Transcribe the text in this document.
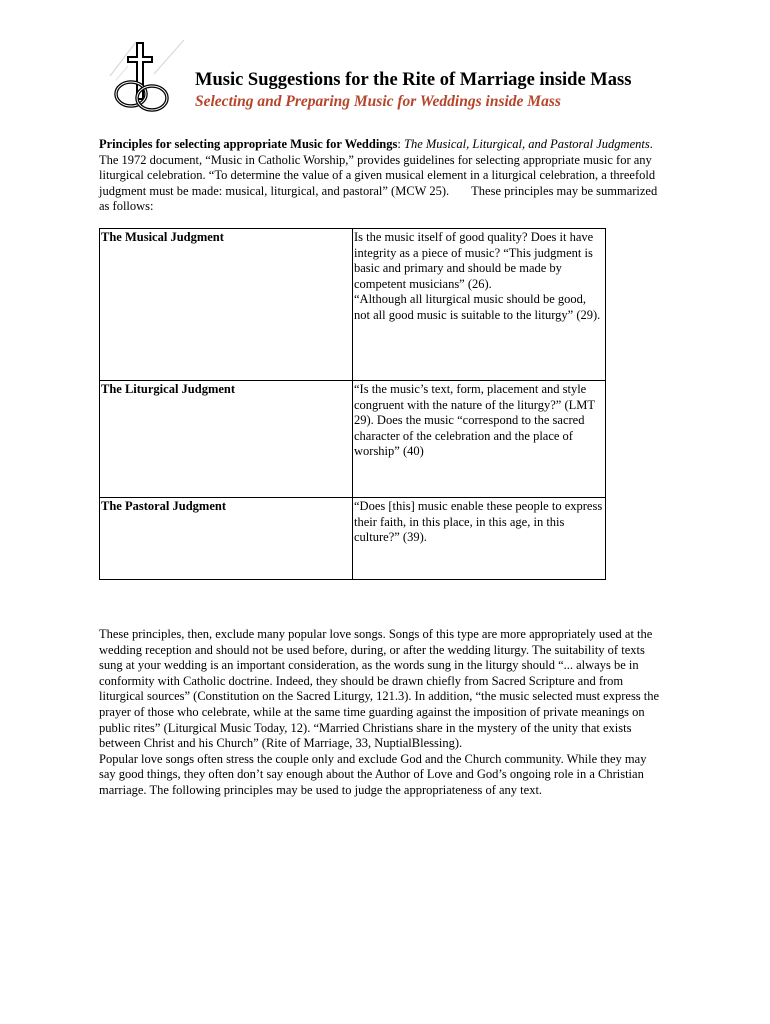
Music Suggestions for the Rite of Marriage inside Mass
Selecting and Preparing Music for Weddings inside Mass
Principles for selecting appropriate Music for Weddings: The Musical, Liturgical, and Pastoral Judgments. The 1972 document, “Music in Catholic Worship,” provides guidelines for selecting appropriate music for any liturgical celebration. “To determine the value of a given musical element in a liturgical celebration, a threefold judgment must be made: musical, liturgical, and pastoral” (MCW 25). These principles may be summarized as follows:
The Musical Judgment	Is the music itself of good quality? Does it have integrity as a piece of music? “This judgment is basic and primary and should be made by competent musicians” (26).
“Although all liturgical music should be good, not all good music is suitable to the liturgy” (29).
The Liturgical Judgment	“Is the music’s text, form, placement and style congruent with the nature of the liturgy?” (LMT 29). Does the music “correspond to the sacred character of the celebration and the place of worship” (40)
The Pastoral Judgment	“Does [this] music enable these people to express their faith, in this place, in this age, in this culture?” (39).

These principles, then, exclude many popular love songs. Songs of this type are more appropriately used at the wedding reception and should not be used before, during, or after the wedding liturgy. The suitability of texts sung at your wedding is an important consideration, as the words sung in the liturgy should “... always be in conformity with Catholic doctrine. Indeed, they should be drawn chiefly from Sacred Scripture and from liturgical sources” (Constitution on the Sacred Liturgy, 121.3). In addition, “the music selected must express the prayer of those who celebrate, while at the same time guarding against the imposition of private meanings on public rites” (Liturgical Music Today, 12). “Married Christians share in the mystery of the unity that exists between Christ and his Church” (Rite of Marriage, 33, NuptialBlessing).

Popular love songs often stress the couple only and exclude God and the Church community. While they may say good things, they often don’t say enough about the Author of Love and God’s ongoing role in a Christian marriage. The following principles may be used to judge the appropriateness of any text.
